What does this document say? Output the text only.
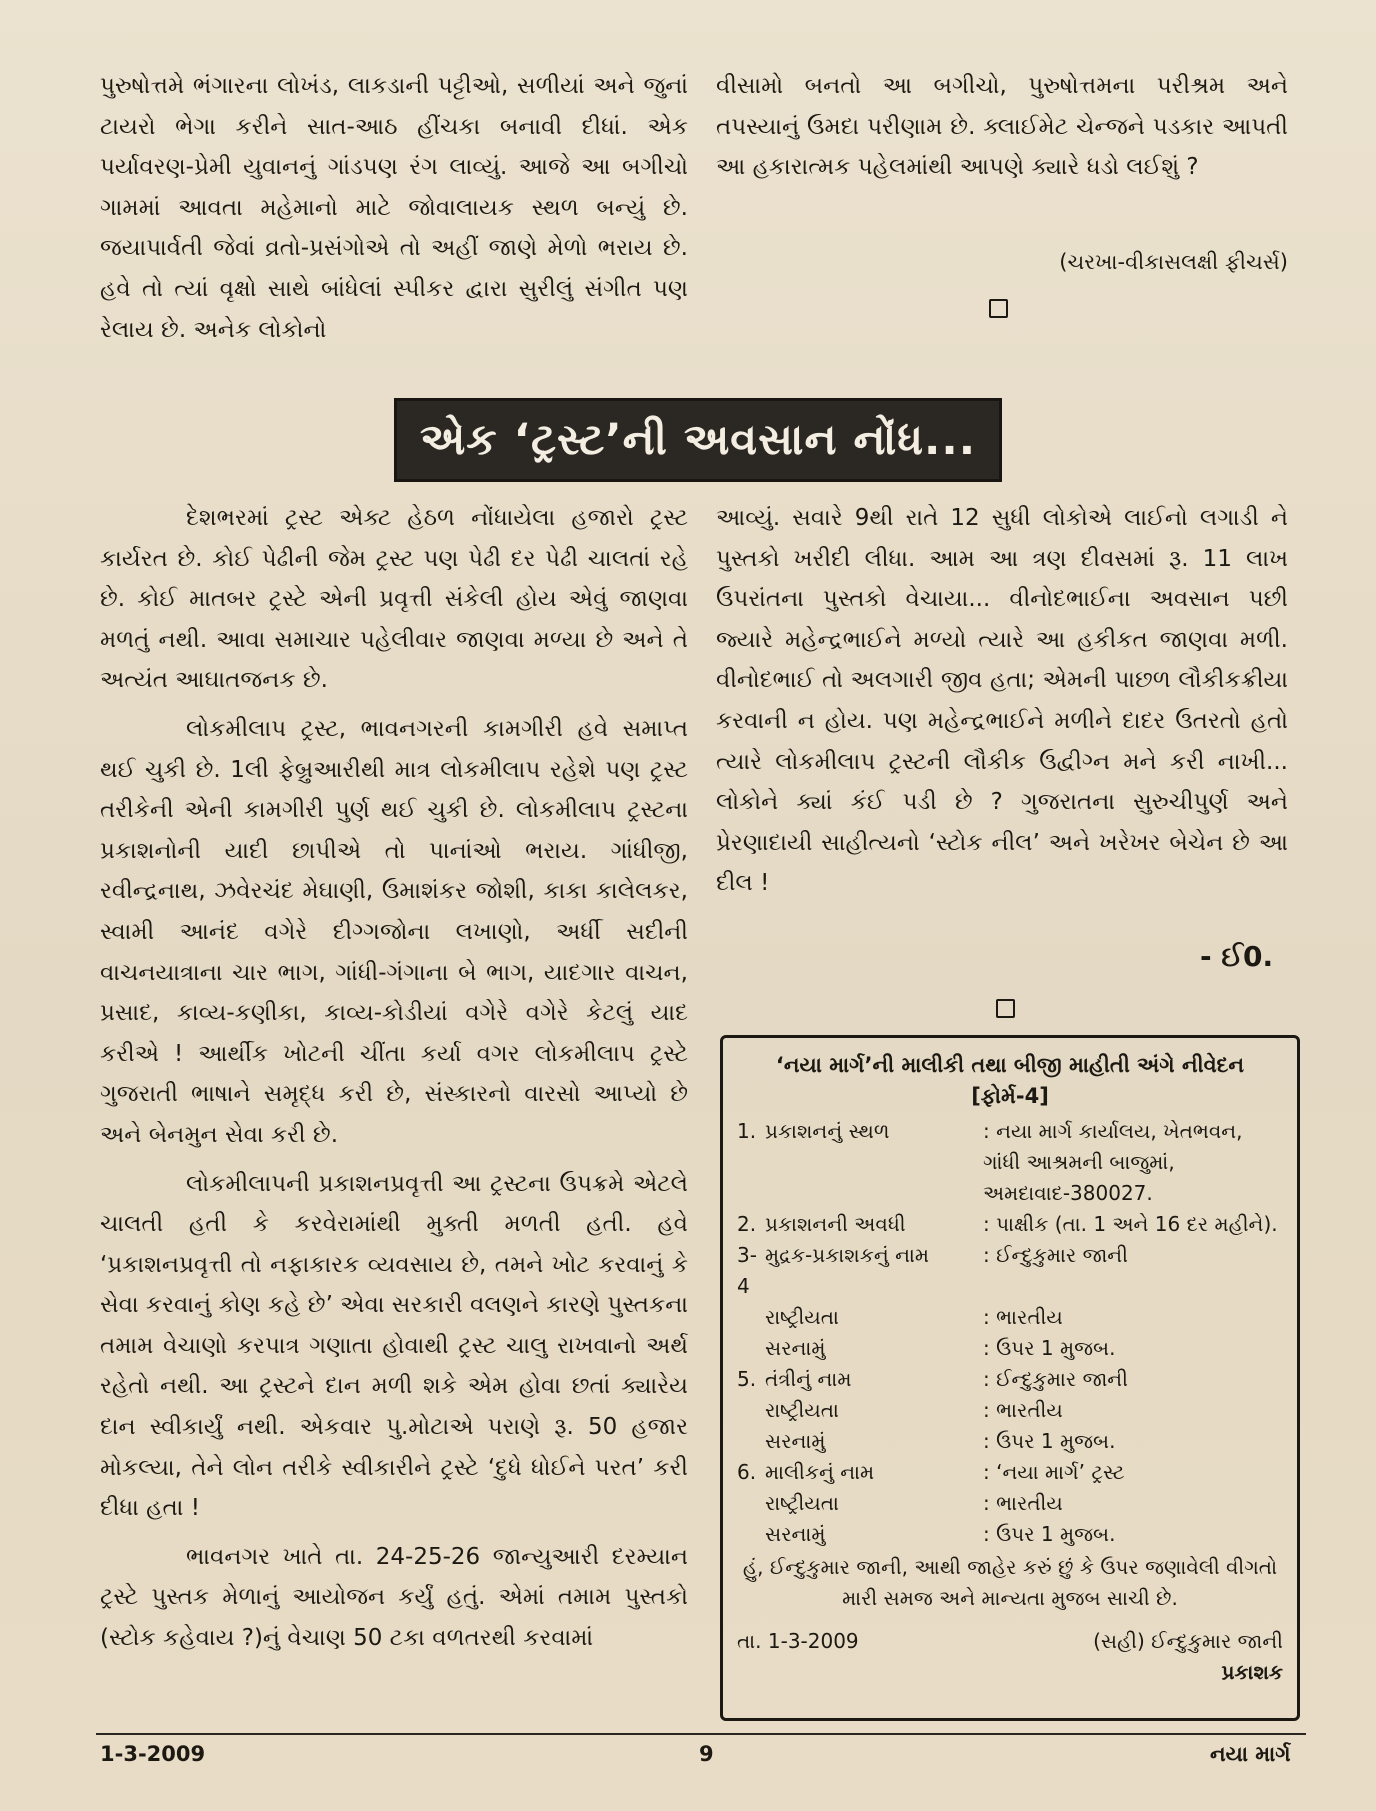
પુરુષોત્તમે ભંગારના લોખંડ, લાકડાની પટ્ટીઓ, સળીયાં અને જુનાં ટાયરો ભેગા કરીને સાત-આઠ હીંચકા બનાવી દીધાં. એક પર્યાવરણ-પ્રેમી યુવાનનું ગાંડપણ રંગ લાવ્યું. આજે આ બગીચો ગામમાં આવતા મહેમાનો માટે જોવાલાયક સ્થળ બન્યું છે. જયાપાર્વતી જેવાં વ્રતો-પ્રસંગોએ તો અહીં જાણે મેળો ભરાય છે. હવે તો ત્યાં વૃક્ષો સાથે બાંધેલાં સ્પીકર દ્વારા સુરીલું સંગીત પણ રેલાય છે. અનેક લોકોનો

વીસામો બનતો આ બગીચો, પુરુષોત્તમના પરીશ્રમ અને તપસ્યાનું ઉમદા પરીણામ છે. ક્લાઈમેટ ચેન્જને પડકાર આપતી આ હકારાત્મક પહેલમાંથી આપણે ક્યારે ધડો લઈશું ?

(ચરખા-વીકાસલક્ષી ફીચર્સ)
એક ‘ટ્રસ્ટ’ની અવસાન નોંધ...

દેશભરમાં ટ્રસ્ટ એક્ટ હેઠળ નોંધાયેલા હજારો ટ્રસ્ટ કાર્યરત છે. કોઈ પેઢીની જેમ ટ્રસ્ટ પણ પેઢી દર પેઢી ચાલતાં રહે છે. કોઈ માતબર ટ્રસ્ટે એની પ્રવૃત્તી સંકેલી હોય એવું જાણવા મળતું નથી. આવા સમાચાર પહેલીવાર જાણવા મળ્યા છે અને તે અત્યંત આઘાતજનક છે.

લોકમીલાપ ટ્રસ્ટ, ભાવનગરની કામગીરી હવે સમાપ્ત થઈ ચુકી છે. 1લી ફેબ્રુઆરીથી માત્ર લોકમીલાપ રહેશે પણ ટ્રસ્ટ તરીકેની એની કામગીરી પુર્ણ થઈ ચુકી છે. લોકમીલાપ ટ્રસ્ટના પ્રકાશનોની યાદી છાપીએ તો પાનાંઓ ભરાય. ગાંધીજી, રવીન્દ્રનાથ, ઝવેરચંદ મેઘાણી, ઉમાશંકર જોશી, કાકા કાલેલકર, સ્વામી આનંદ વગેરે દીગ્ગજોના લખાણો, અર્ધી સદીની વાચનયાત્રાના ચાર ભાગ, ગાંધી-ગંગાના બે ભાગ, યાદગાર વાચન, પ્રસાદ, કાવ્ય-કણીકા, કાવ્ય-કોડીયાં વગેરે વગેરે કેટલું યાદ કરીએ ! આર્થીક ખોટની ચીંતા કર્યા વગર લોકમીલાપ ટ્રસ્ટે ગુજરાતી ભાષાને સમૃદ્ધ કરી છે, સંસ્કારનો વારસો આપ્યો છે અને બેનમુન સેવા કરી છે.

લોકમીલાપની પ્રકાશનપ્રવૃત્તી આ ટ્રસ્ટના ઉપક્રમે એટલે ચાલતી હતી કે કરવેરામાંથી મુક્તી મળતી હતી. હવે ‘પ્રકાશનપ્રવૃત્તી તો નફાકારક વ્યવસાય છે, તમને ખોટ કરવાનું કે સેવા કરવાનું કોણ કહે છે’ એવા સરકારી વલણને કારણે પુસ્તકના તમામ વેચાણો કરપાત્ર ગણાતા હોવાથી ટ્રસ્ટ ચાલુ રાખવાનો અર્થ રહેતો નથી. આ ટ્રસ્ટને દાન મળી શકે એમ હોવા છતાં ક્યારેય દાન સ્વીકાર્યું નથી. એકવાર પુ.મોટાએ પરાણે રૂ. 50 હજાર મોકલ્યા, તેને લોન તરીકે સ્વીકારીને ટ્રસ્ટે ‘દુધે ધોઈને પરત’ કરી દીધા હતા !

ભાવનગર ખાતે તા. 24-25-26 જાન્યુઆરી દરમ્યાન ટ્રસ્ટે પુસ્તક મેળાનું આયોજન કર્યું હતું. એમાં તમામ પુસ્તકો (સ્ટોક કહેવાય ?)નું વેચાણ 50 ટકા વળતરથી કરવામાં

આવ્યું. સવારે 9થી રાતે 12 સુધી લોકોએ લાઈનો લગાડી ને પુસ્તકો ખરીદી લીધા. આમ આ ત્રણ દીવસમાં રૂ. 11 લાખ ઉપરાંતના પુસ્તકો વેચાયા... વીનોદભાઈના અવસાન પછી જ્યારે મહેન્દ્રભાઈને મળ્યો ત્યારે આ હકીકત જાણવા મળી. વીનોદભાઈ તો અલગારી જીવ હતા; એમની પાછળ લૌકીકક્રીયા કરવાની ન હોય. પણ મહેન્દ્રભાઈને મળીને દાદર ઉતરતો હતો ત્યારે લોકમીલાપ ટ્રસ્ટની લૌકીક ઉદ્વીગ્ન મને કરી નાખી... લોકોને ક્યાં કંઈ પડી છે ? ગુજરાતના સુરુચીપુર્ણ અને પ્રેરણાદાયી સાહીત્યનો ‘સ્ટોક નીલ’ અને ખરેખર બેચેન છે આ દીલ !

- ઈ0.
‘નયા માર્ગ’ની માલીકી તથા બીજી માહીતી અંગે નીવેદન
[ફોર્મ-4]
1. પ્રકાશનનું સ્થળ	: નયા માર્ગ કાર્યાલય, ખેતભવન, ગાંધી આશ્રમની બાજુમાં, અમદાવાદ-380027.
2. પ્રકાશનની અવધી	: પાક્ષીક (તા. 1 અને 16 દર મહીને).
3-4
મુદ્રક-પ્રકાશકનું નામ	: ઈન્દુકુમાર જાની
રાષ્ટ્રીયતા	: ભારતીય
સરનામું	: ઉપર 1 મુજબ.
5. તંત્રીનું નામ	: ઈન્દુકુમાર જાની
રાષ્ટ્રીયતા	: ભારતીય
સરનામું	: ઉપર 1 મુજબ.
6. માલીકનું નામ	: ‘નયા માર્ગ’ ટ્રસ્ટ
રાષ્ટ્રીયતા	: ભારતીય
સરનામું	: ઉપર 1 મુજબ.
હું, ઈન્દુકુમાર જાની, આથી જાહેર કરું છું કે ઉપર જણાવેલી વીગતો મારી સમજ અને માન્યતા મુજબ સાચી છે.
તા. 1-3-2009	(સહી) ઈન્દુકુમાર જાની
પ્રકાશક
1-3-2009	9	નયા માર્ગ
